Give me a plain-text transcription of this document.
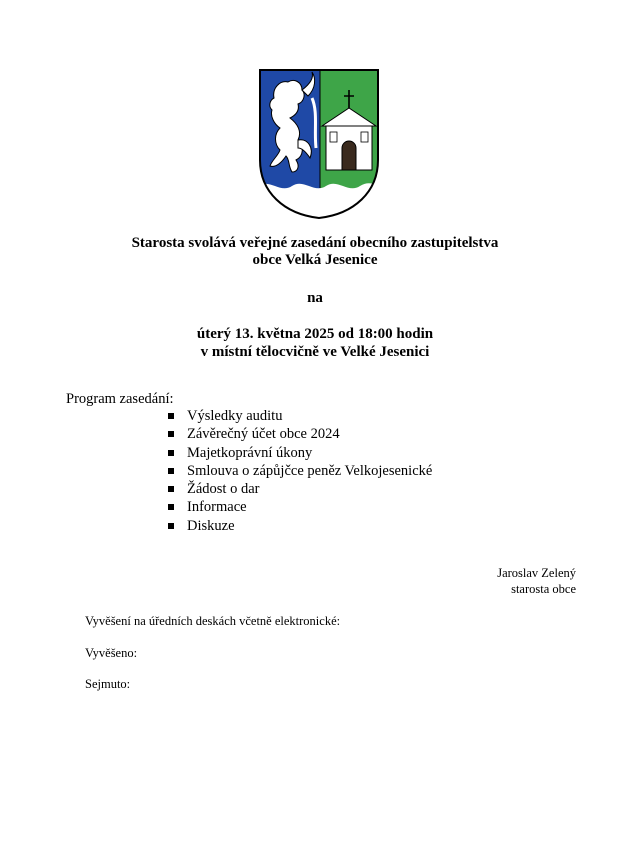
Starosta svolává veřejné zasedání obecního zastupitelstva
obce Velká Jesenice
na
úterý 13. května 2025 od 18:00 hodin
v místní tělocvičně ve Velké Jesenici
Program zasedání:
Výsledky auditu
Závěrečný účet obce 2024
Majetkoprávní úkony
Smlouva o zápůjčce peněz Velkojesenické
Žádost o dar
Informace
Diskuze
Jaroslav Zelený
starosta obce
Vyvěšení na úředních deskách včetně elektronické:
Vyvěšeno:
Sejmuto:
